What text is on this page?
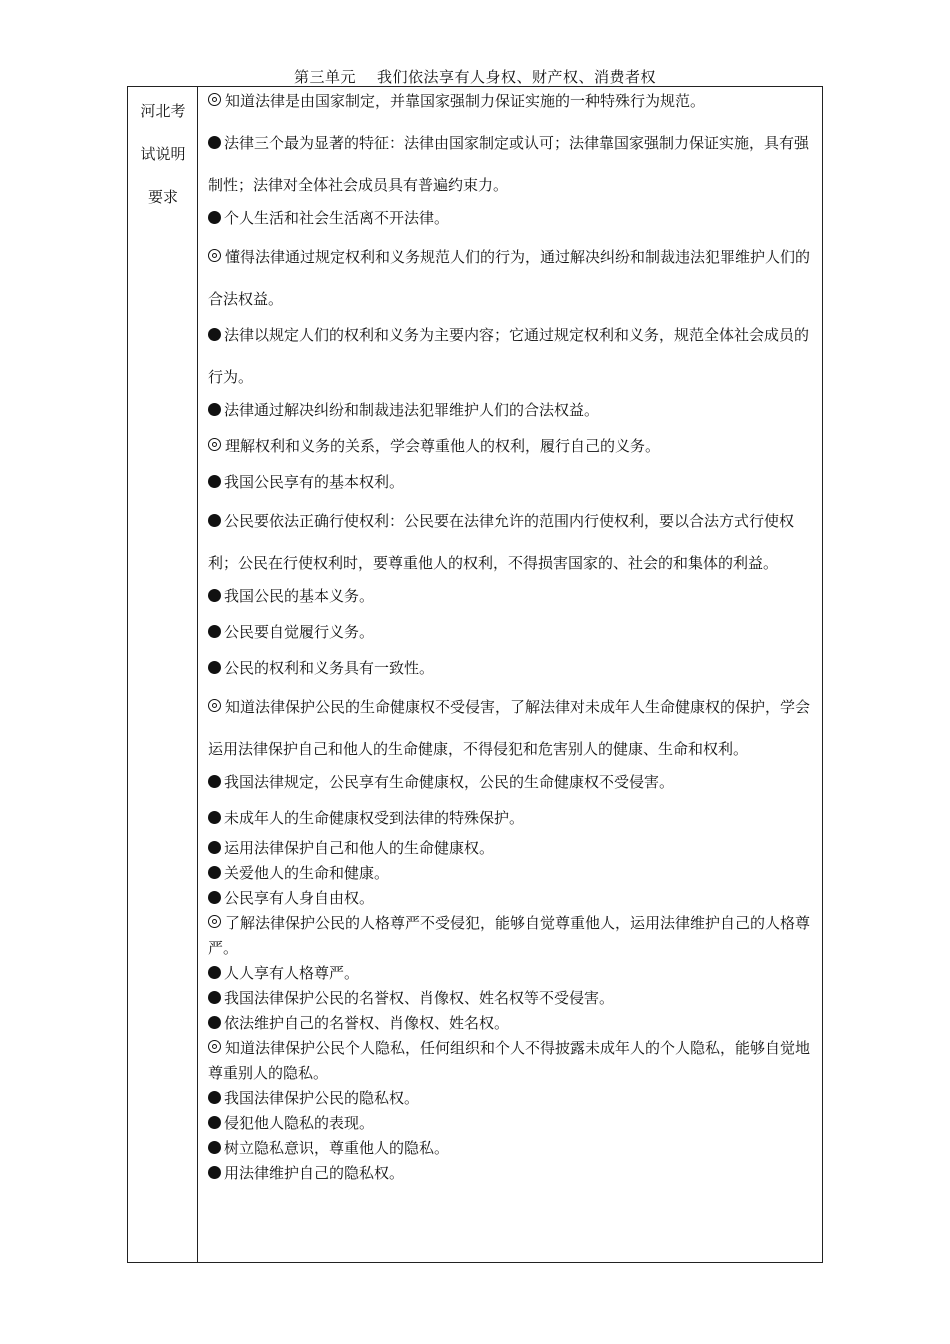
第三单元    我们依法享有人身权、财产权、消费者权
河北考
试说明
要求
知道法律是由国家制定，并靠国家强制力保证实施的一种特殊行为规范。
法律三个最为显著的特征：法律由国家制定或认可；法律靠国家强制力保证实施，具有强制性；法律对全体社会成员具有普遍约束力。
个人生活和社会生活离不开法律。
懂得法律通过规定权利和义务规范人们的行为，通过解决纠纷和制裁违法犯罪维护人们的合法权益。
法律以规定人们的权利和义务为主要内容；它通过规定权利和义务，规范全体社会成员的行为。
法律通过解决纠纷和制裁违法犯罪维护人们的合法权益。
理解权利和义务的关系，学会尊重他人的权利，履行自己的义务。
我国公民享有的基本权利。
公民要依法正确行使权利：公民要在法律允许的范围内行使权利，要以合法方式行使权利；公民在行使权利时，要尊重他人的权利，不得损害国家的、社会的和集体的利益。
我国公民的基本义务。
公民要自觉履行义务。
公民的权利和义务具有一致性。
知道法律保护公民的生命健康权不受侵害，了解法律对未成年人生命健康权的保护，学会运用法律保护自己和他人的生命健康，不得侵犯和危害别人的健康、生命和权利。
我国法律规定，公民享有生命健康权，公民的生命健康权不受侵害。
未成年人的生命健康权受到法律的特殊保护。
运用法律保护自己和他人的生命健康权。
关爱他人的生命和健康。
公民享有人身自由权。
了解法律保护公民的人格尊严不受侵犯，能够自觉尊重他人，运用法律维护自己的人格尊严。
人人享有人格尊严。
我国法律保护公民的名誉权、肖像权、姓名权等不受侵害。
依法维护自己的名誉权、肖像权、姓名权。
知道法律保护公民个人隐私，任何组织和个人不得披露未成年人的个人隐私，能够自觉地尊重别人的隐私。
我国法律保护公民的隐私权。
侵犯他人隐私的表现。
树立隐私意识，尊重他人的隐私。
用法律维护自己的隐私权。
